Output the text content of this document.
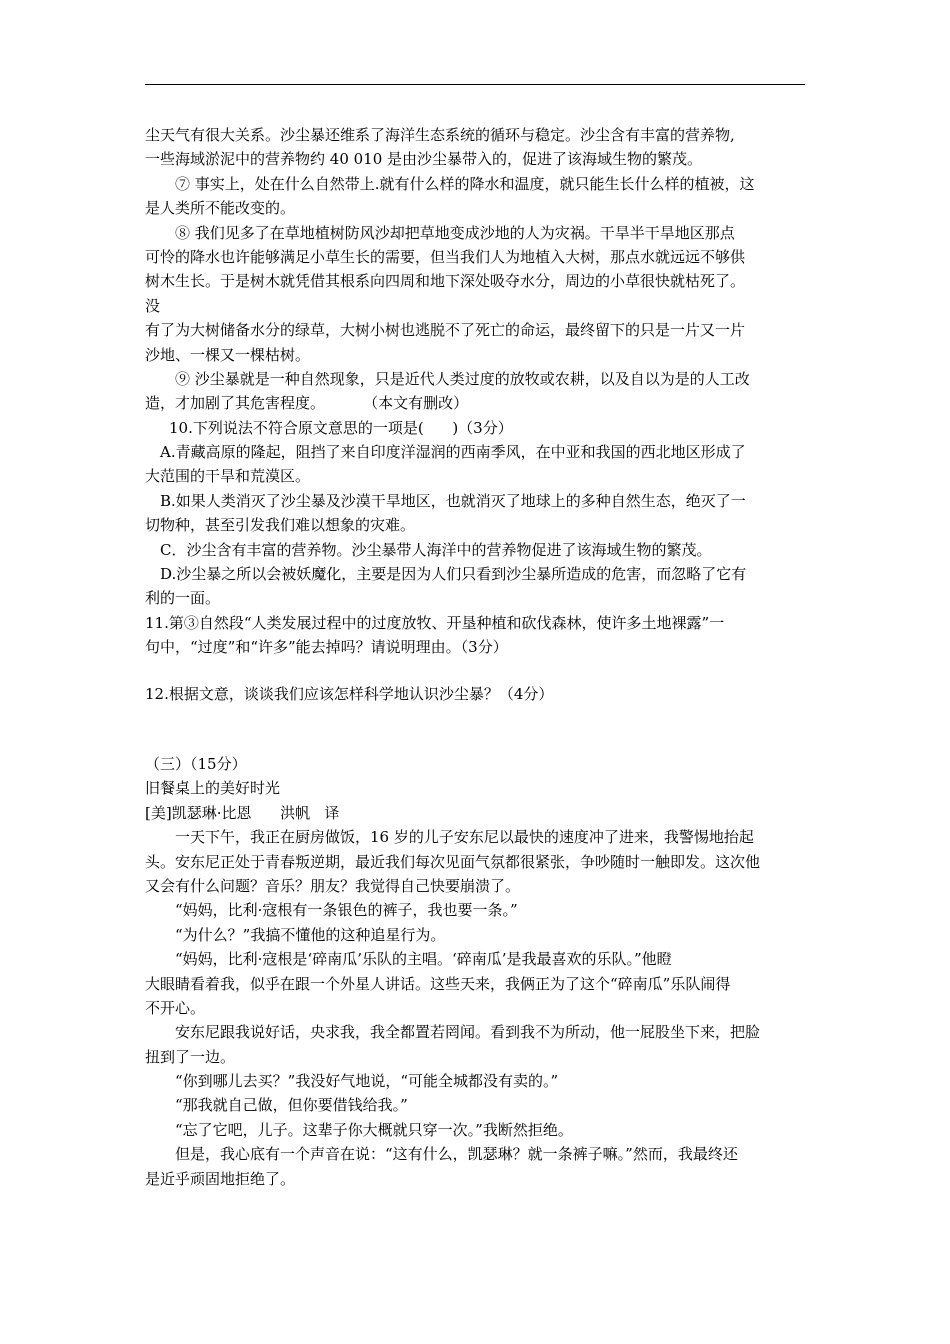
尘天气有很大关系。沙尘暴还维系了海洋生态系统的循环与稳定。沙尘含有丰富的营养物,
一些海域淤泥中的营养物约 40 010 是由沙尘暴带入的，促进了该海域生物的繁茂。
⑦ 事实上，处在什么自然带上.就有什么样的降水和温度，就只能生长什么样的植被，这
是人类所不能改变的。
⑧ 我们见多了在草地植树防风沙却把草地变成沙地的人为灾祸。干旱半干旱地区那点
可怜的降水也许能够满足小草生长的需要，但当我们人为地植入大树，那点水就远远不够供
树木生长。于是树木就凭借其根系向四周和地下深处吸夺水分，周边的小草很快就枯死了。
没
有了为大树储备水分的绿草，大树小树也逃脱不了死亡的命运，最终留下的只是一片又一片
沙地、一棵又一棵枯树。
⑨ 沙尘暴就是一种自然现象，只是近代人类过度的放牧或农耕，以及自以为是的人工改
造，才加剧了其危害程度。        （本文有删改）
10.下列说法不符合原文意思的一项是(      )（3分）
A.青藏高原的隆起，阻挡了来自印度洋湿润的西南季风，在中亚和我国的西北地区形成了
大范围的干旱和荒漠区。
B.如果人类消灭了沙尘暴及沙漠干旱地区，也就消灭了地球上的多种自然生态，绝灭了一
切物种，甚至引发我们难以想象的灾难。
C．沙尘含有丰富的营养物。沙尘暴带人海洋中的营养物促进了该海域生物的繁茂。
D.沙尘暴之所以会被妖魔化，主要是因为人们只看到沙尘暴所造成的危害，而忽略了它有
利的一面。
11.第③自然段“人类发展过程中的过度放牧、开垦种植和砍伐森林，使许多土地裸露”一
句中，“过度”和“许多”能去掉吗？请说明理由。（3分）
12.根据文意，谈谈我们应该怎样科学地认识沙尘暴？（4分）
（三）（15分）
旧餐桌上的美好时光
[美]凯瑟琳·比恩      洪帆   译
一天下午，我正在厨房做饭，16 岁的儿子安东尼以最快的速度冲了进来，我警惕地抬起
头。安东尼正处于青春叛逆期，最近我们每次见面气氛都很紧张，争吵随时一触即发。这次他
又会有什么问题？音乐？朋友？我觉得自己快要崩溃了。
“妈妈，比利·寇根有一条银色的裤子，我也要一条。”
“为什么？”我搞不懂他的这种追星行为。
“妈妈，比利·寇根是‘碎南瓜’乐队的主唱。‘碎南瓜’是我最喜欢的乐队。”他瞪
大眼睛看着我，似乎在跟一个外星人讲话。这些天来，我俩正为了这个“碎南瓜”乐队闹得
不开心。
安东尼跟我说好话，央求我，我全都置若罔闻。看到我不为所动，他一屁股坐下来，把脸
扭到了一边。
“你到哪儿去买？”我没好气地说，“可能全城都没有卖的。”
“那我就自己做，但你要借钱给我。”
“忘了它吧，儿子。这辈子你大概就只穿一次。”我断然拒绝。
但是，我心底有一个声音在说：“这有什么，凯瑟琳？就一条裤子嘛。”然而，我最终还
是近乎顽固地拒绝了。
